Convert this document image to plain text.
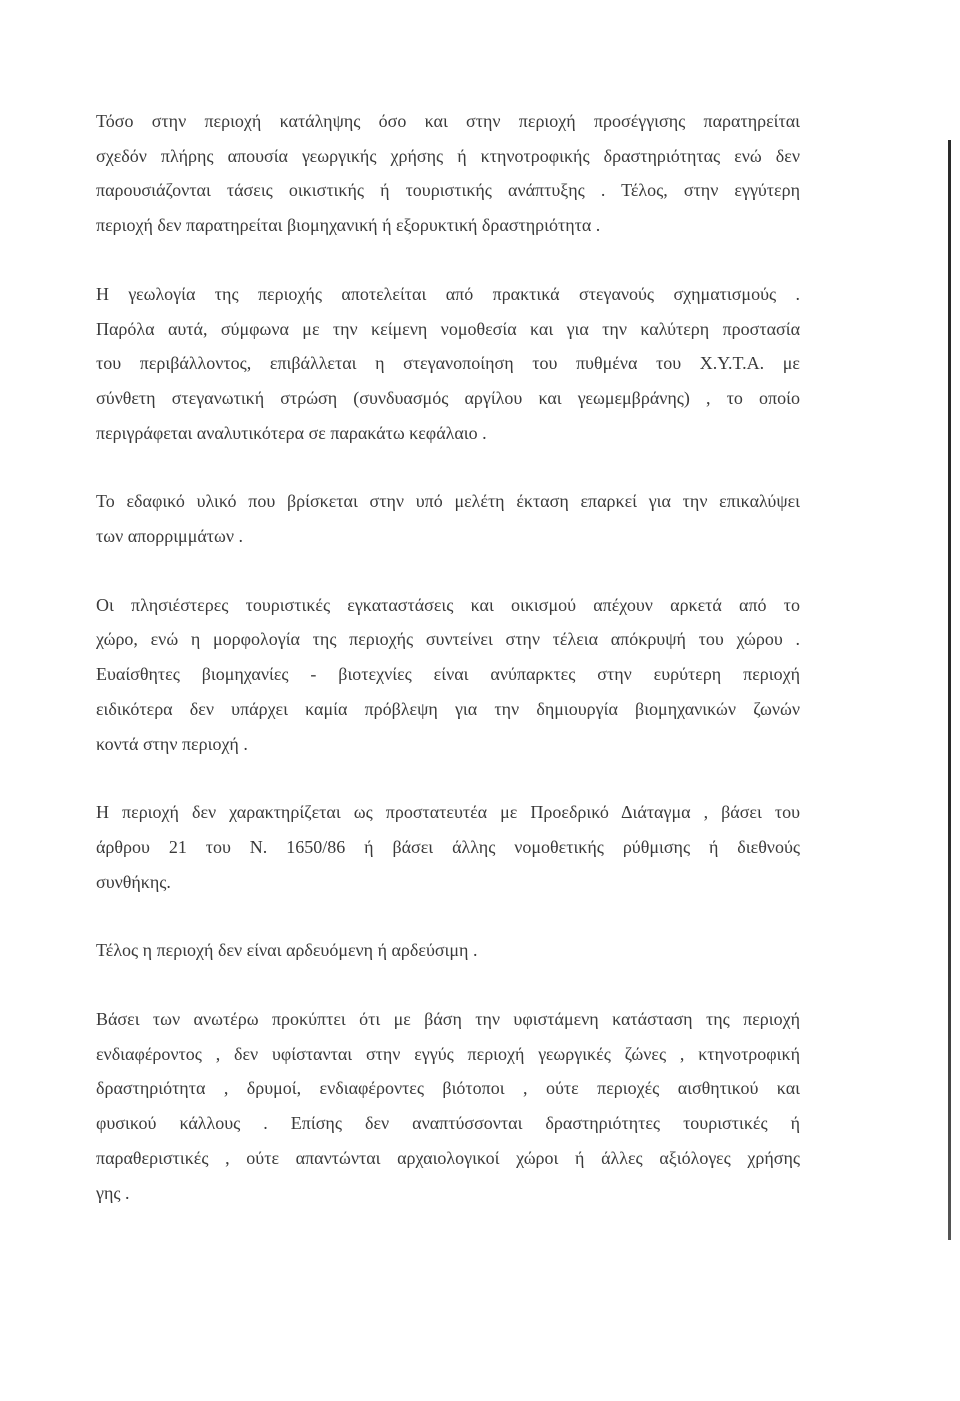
Τόσο στην περιοχή κατάληψης όσο και στην περιοχή προσέγγισης παρατηρείται
σχεδόν πλήρης απουσία γεωργικής χρήσης ή κτηνοτροφικής δραστηριότητας ενώ δεν
παρουσιάζονται τάσεις οικιστικής ή τουριστικής ανάπτυξης . Τέλος, στην εγγύτερη
περιοχή δεν παρατηρείται βιομηχανική ή εξορυκτική δραστηριότητα .

Η γεωλογία της περιοχής αποτελείται από πρακτικά στεγανούς σχηματισμούς .
Παρόλα αυτά, σύμφωνα με την κείμενη νομοθεσία και για την καλύτερη προστασία
του περιβάλλοντος, επιβάλλεται η στεγανοποίηση του πυθμένα του Χ.Υ.Τ.Α. με
σύνθετη στεγανωτική στρώση (συνδυασμός αργίλου και γεωμεμβράνης) , το οποίο
περιγράφεται αναλυτικότερα σε παρακάτω κεφάλαιο .

Το εδαφικό υλικό που βρίσκεται στην υπό μελέτη έκταση επαρκεί για την επικαλύψει
των απορριμμάτων .

Οι πλησιέστερες τουριστικές εγκαταστάσεις και οικισμού απέχουν αρκετά από το
χώρο, ενώ η μορφολογία της περιοχής συντείνει στην τέλεια απόκρυψή του χώρου .
Ευαίσθητες βιομηχανίες - βιοτεχνίες είναι ανύπαρκτες στην ευρύτερη περιοχή
ειδικότερα δεν υπάρχει καμία πρόβλεψη για την δημιουργία βιομηχανικών ζωνών
κοντά στην περιοχή .

Η περιοχή δεν χαρακτηρίζεται ως προστατευτέα με Προεδρικό Διάταγμα , βάσει του
άρθρου 21 του Ν. 1650/86 ή βάσει άλλης νομοθετικής ρύθμισης ή διεθνούς
συνθήκης.

Τέλος η περιοχή δεν είναι αρδευόμενη ή αρδεύσιμη .

Βάσει των ανωτέρω προκύπτει ότι με βάση την υφιστάμενη κατάσταση της περιοχή
ενδιαφέροντος , δεν υφίστανται στην εγγύς περιοχή γεωργικές ζώνες , κτηνοτροφική
δραστηριότητα , δρυμοί, ενδιαφέροντες βιότοποι , ούτε περιοχές αισθητικού και
φυσικού κάλλους . Επίσης δεν αναπτύσσονται δραστηριότητες τουριστικές ή
παραθεριστικές , ούτε απαντώνται αρχαιολογικοί χώροι ή άλλες αξιόλογες χρήσης
γης .
